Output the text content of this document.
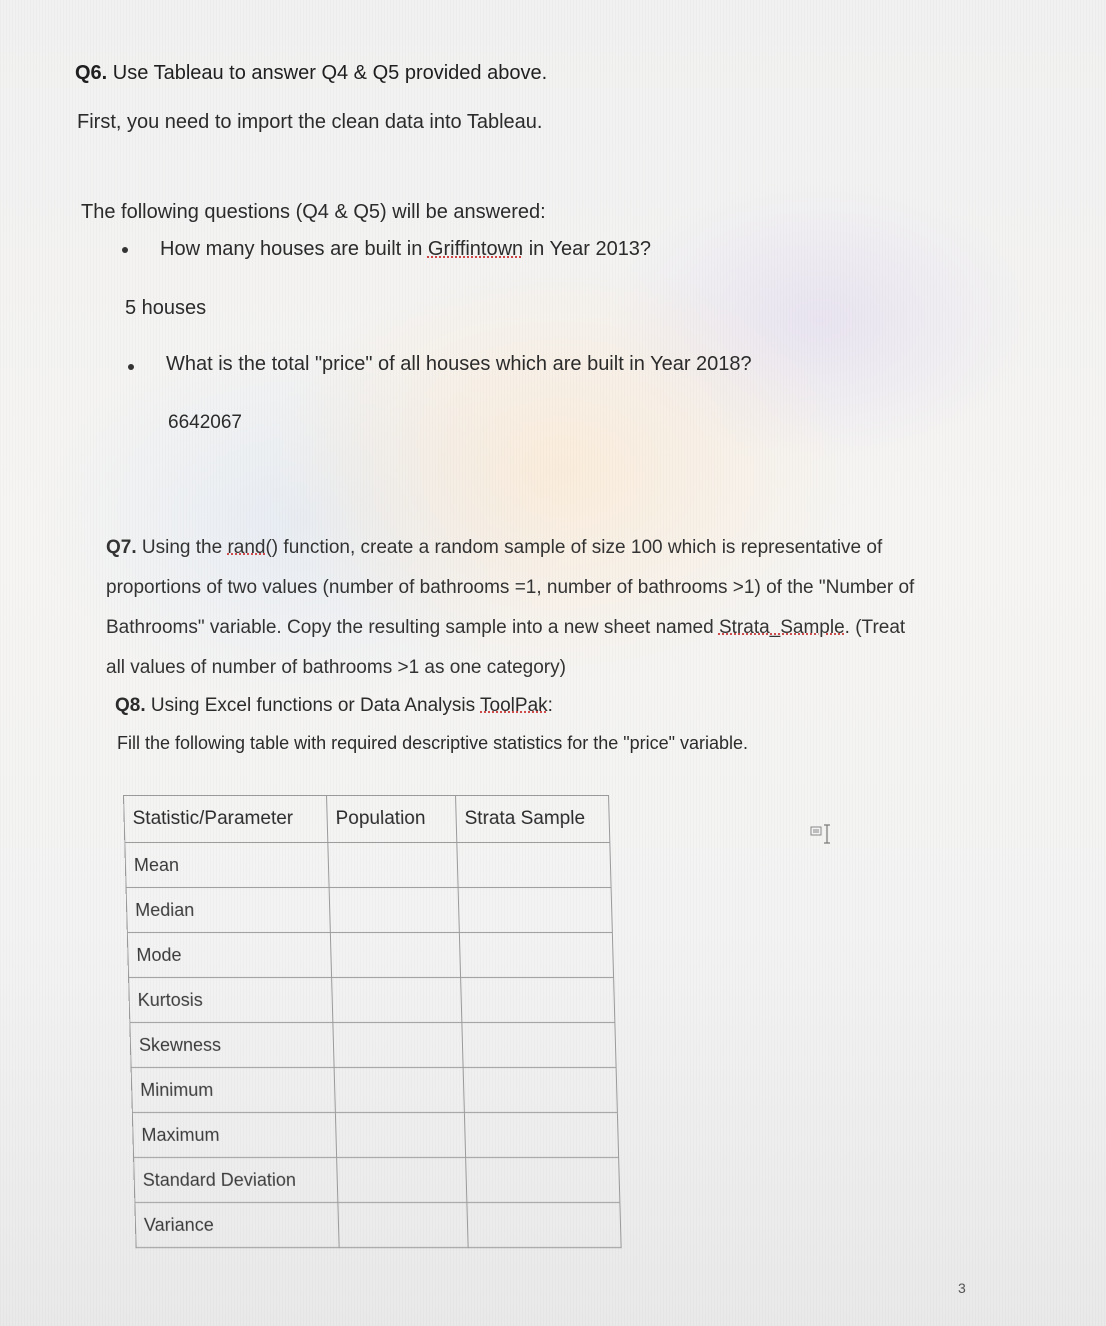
Q6. Use Tableau to answer Q4 & Q5 provided above.
First, you need to import the clean data into Tableau.
The following questions (Q4 & Q5) will be answered:
How many houses are built in Griffintown in Year 2013?
5 houses
What is the total "price" of all houses which are built in Year 2018?
6642067
Q7. Using the rand() function, create a random sample of size 100 which is representative of
proportions of two values (number of bathrooms =1, number of bathrooms >1) of the "Number of
Bathrooms" variable. Copy the resulting sample into a new sheet named Strata_Sample. (Treat
all values of number of bathrooms >1 as one category)
Q8. Using Excel functions or Data Analysis ToolPak:
Fill the following table with required descriptive statistics for the "price" variable.
Statistic/Parameter	Population	Strata Sample
Mean		
Median		
Mode		
Kurtosis		
Skewness		
Minimum		
Maximum		
Standard Deviation		
Variance		
3
